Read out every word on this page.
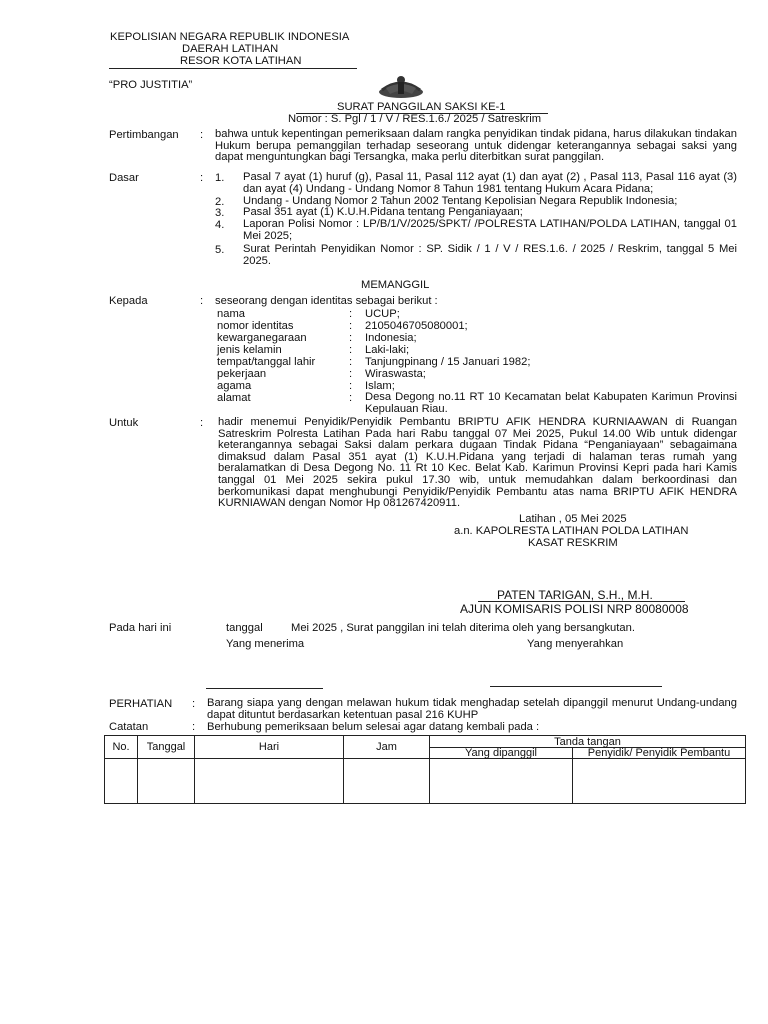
KEPOLISIAN NEGARA REPUBLIK INDONESIA
DAERAH LATIHAN
RESOR KOTA LATIHAN
“PRO JUSTITIA”
SURAT PANGGILAN SAKSI KE-1
Nomor : S. Pgl / 1 / V / RES.1.6./ 2025 / Satreskrim
Pertimbangan : bahwa untuk kepentingan pemeriksaan dalam rangka penyidikan tindak pidana, harus dilakukan tindakan Hukum berupa pemanggilan terhadap seseorang untuk didengar keterangannya sebagai saksi yang dapat menguntungkan bagi Tersangka, maka perlu diterbitkan surat panggilan.
Dasar	: 1. Pasal 7 ayat (1) huruf (g), Pasal 11, Pasal 112 ayat (1) dan ayat (2) , Pasal 113, Pasal 116 ayat (3) dan ayat (4) Undang - Undang Nomor 8 Tahun 1981 tentang Hukum Acara Pidana;
2. Undang - Undang Nomor 2 Tahun 2002 Tentang Kepolisian Negara Republik Indonesia;
3. Pasal 351 ayat (1) K.U.H.Pidana tentang Penganiayaan;
4. Laporan Polisi Nomor : LP/B/1/V/2025/SPKT/ /POLRESTA LATIHAN/POLDA LATIHAN, tanggal 01 Mei 2025;
5. Surat Perintah Penyidikan Nomor : SP. Sidik / 1 / V / RES.1.6. / 2025 / Reskrim, tanggal 5 Mei 2025.
MEMANGGIL
Kepada	: seseorang dengan identitas sebagai berikut :
nama	: UCUP;
nomor identitas	: 2105046705080001;
kewarganegaraan	: Indonesia;
jenis kelamin	: Laki-laki;
tempat/tanggal lahir	: Tanjungpinang / 15 Januari 1982;
pekerjaan	: Wiraswasta;
agama	: Islam;
alamat	: Desa Degong no.11 RT 10 Kecamatan belat Kabupaten Karimun Provinsi Kepulauan Riau.
Untuk	: hadir menemui Penyidik/Penyidik Pembantu BRIPTU AFIK HENDRA KURNIAAWAN di Ruangan Satreskrim Polresta Latihan Pada hari Rabu tanggal 07 Mei 2025, Pukul 14.00 Wib untuk didengar keterangannya sebagai Saksi dalam perkara dugaan Tindak Pidana “Penganiayaan” sebagaimana dimaksud dalam Pasal 351 ayat (1) K.U.H.Pidana yang terjadi di halaman teras rumah yang beralamatkan di Desa Degong No. 11 Rt 10 Kec. Belat Kab. Karimun Provinsi Kepri pada hari Kamis tanggal 01 Mei 2025 sekira pukul 17.30 wib, untuk memudahkan dalam berkoordinasi dan berkomunikasi dapat menghubungi Penyidik/Penyidik Pembantu atas nama BRIPTU AFIK HENDRA KURNIAWAN dengan Nomor Hp 081267420911.
Latihan , 05 Mei 2025
a.n. KAPOLRESTA LATIHAN POLDA LATIHAN
KASAT RESKRIM
PATEN TARIGAN, S.H., M.H.
AJUN KOMISARIS POLISI NRP 80080008
Pada hari ini	tanggal	Mei 2025 , Surat panggilan ini telah diterima oleh yang bersangkutan.
Yang menerima	Yang menyerahkan
PERHATIAN : Barang siapa yang dengan melawan hukum tidak menghadap setelah dipanggil menurut Undang-undang dapat dituntut berdasarkan ketentuan pasal 216 KUHP
Catatan	: Berhubung pemeriksaan belum selesai agar datang kembali pada :
No.	Tanggal	Hari	Jam	Tanda tangan	
				Yang dipanggil	Penyidik/ Penyidik Pembantu
